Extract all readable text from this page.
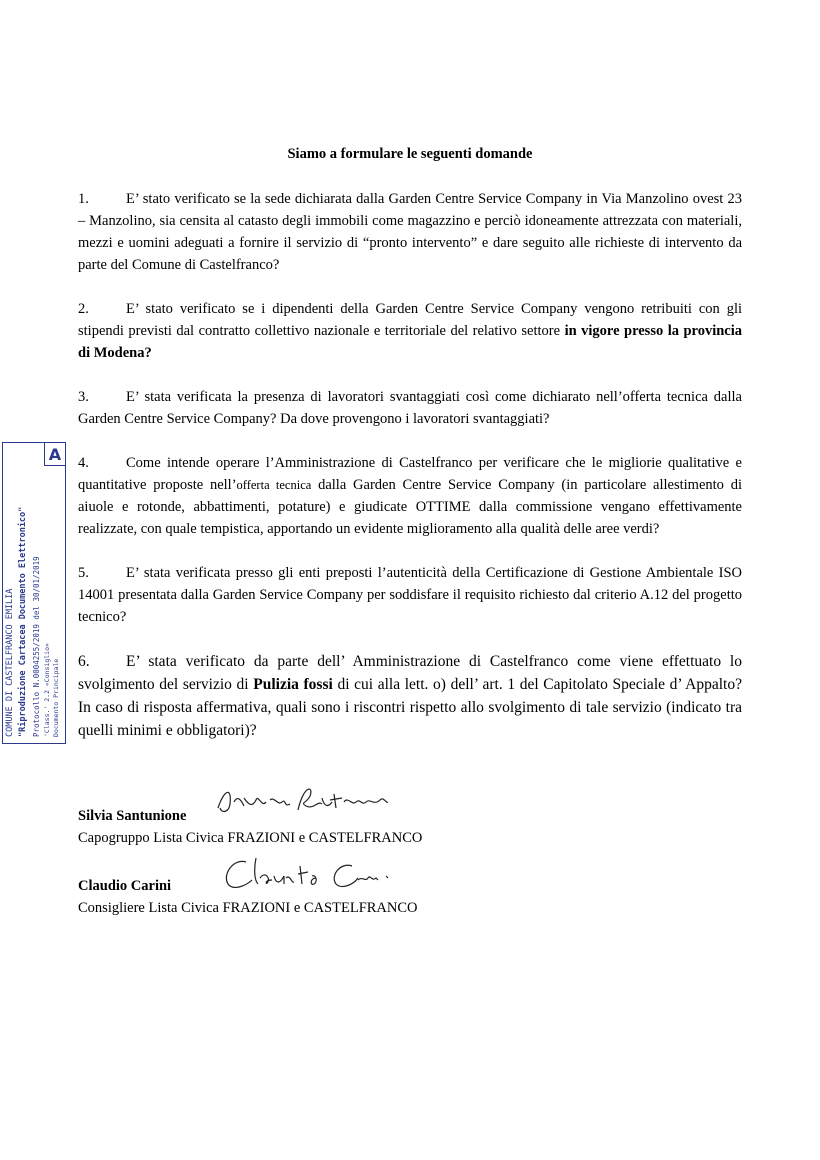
Siamo a formulare le seguenti domande

1.	E’ stato verificato se la sede dichiarata dalla Garden Centre Service Company in Via Manzolino ovest 23 – Manzolino, sia censita al catasto degli immobili come magazzino e perciò idoneamente attrezzata con materiali, mezzi e uomini adeguati a fornire il servizio di “pronto intervento” e dare seguito alle richieste di intervento da parte del Comune di Castelfranco?

2.	E’ stato verificato se i dipendenti della Garden Centre Service Company vengono retribuiti con gli stipendi previsti dal contratto collettivo nazionale e territoriale del relativo settore in vigore presso la provincia di Modena?

3.	E’ stata verificata la presenza di lavoratori svantaggiati così come dichiarato nell’offerta tecnica dalla Garden Centre Service Company? Da dove provengono i lavoratori svantaggiati?

4.	Come intende operare l’Amministrazione di Castelfranco per verificare che le migliorie qualitative e quantitative proposte nell’offerta tecnica dalla Garden Centre Service Company (in particolare allestimento di aiuole e rotonde, abbattimenti, potature) e giudicate OTTIME dalla commissione vengano effettivamente realizzate, con quale tempistica, apportando un evidente miglioramento alla qualità delle aree verdi?

5.	E’ stata verificata presso gli enti preposti l’autenticità della Certificazione di Gestione Ambientale ISO 14001 presentata dalla Garden Service Company per soddisfare il requisito richiesto dal criterio A.12 del progetto tecnico?

6. E’ stata verificato da parte dell’ Amministrazione di Castelfranco come viene effettuato lo svolgimento del servizio di Pulizia fossi di cui alla lett. o) dell’ art. 1 del Capitolato Speciale d’ Appalto? In caso di risposta affermativa, quali sono i riscontri rispetto allo svolgimento di tale servizio (indicato tra quelli minimi e obbligatori)?

Silvia Santunione
Capogruppo Lista Civica FRAZIONI e CASTELFRANCO
Claudio Carini
Consigliere Lista Civica FRAZIONI e CASTELFRANCO
COMUNE DI CASTELFRANCO EMILIA "Riproduzione Cartacea Documento Elettronico" Protocollo N.0004255/2019 del 30/01/2019 'Class.' 2.2 «Consiglio» Documento Principale
A
